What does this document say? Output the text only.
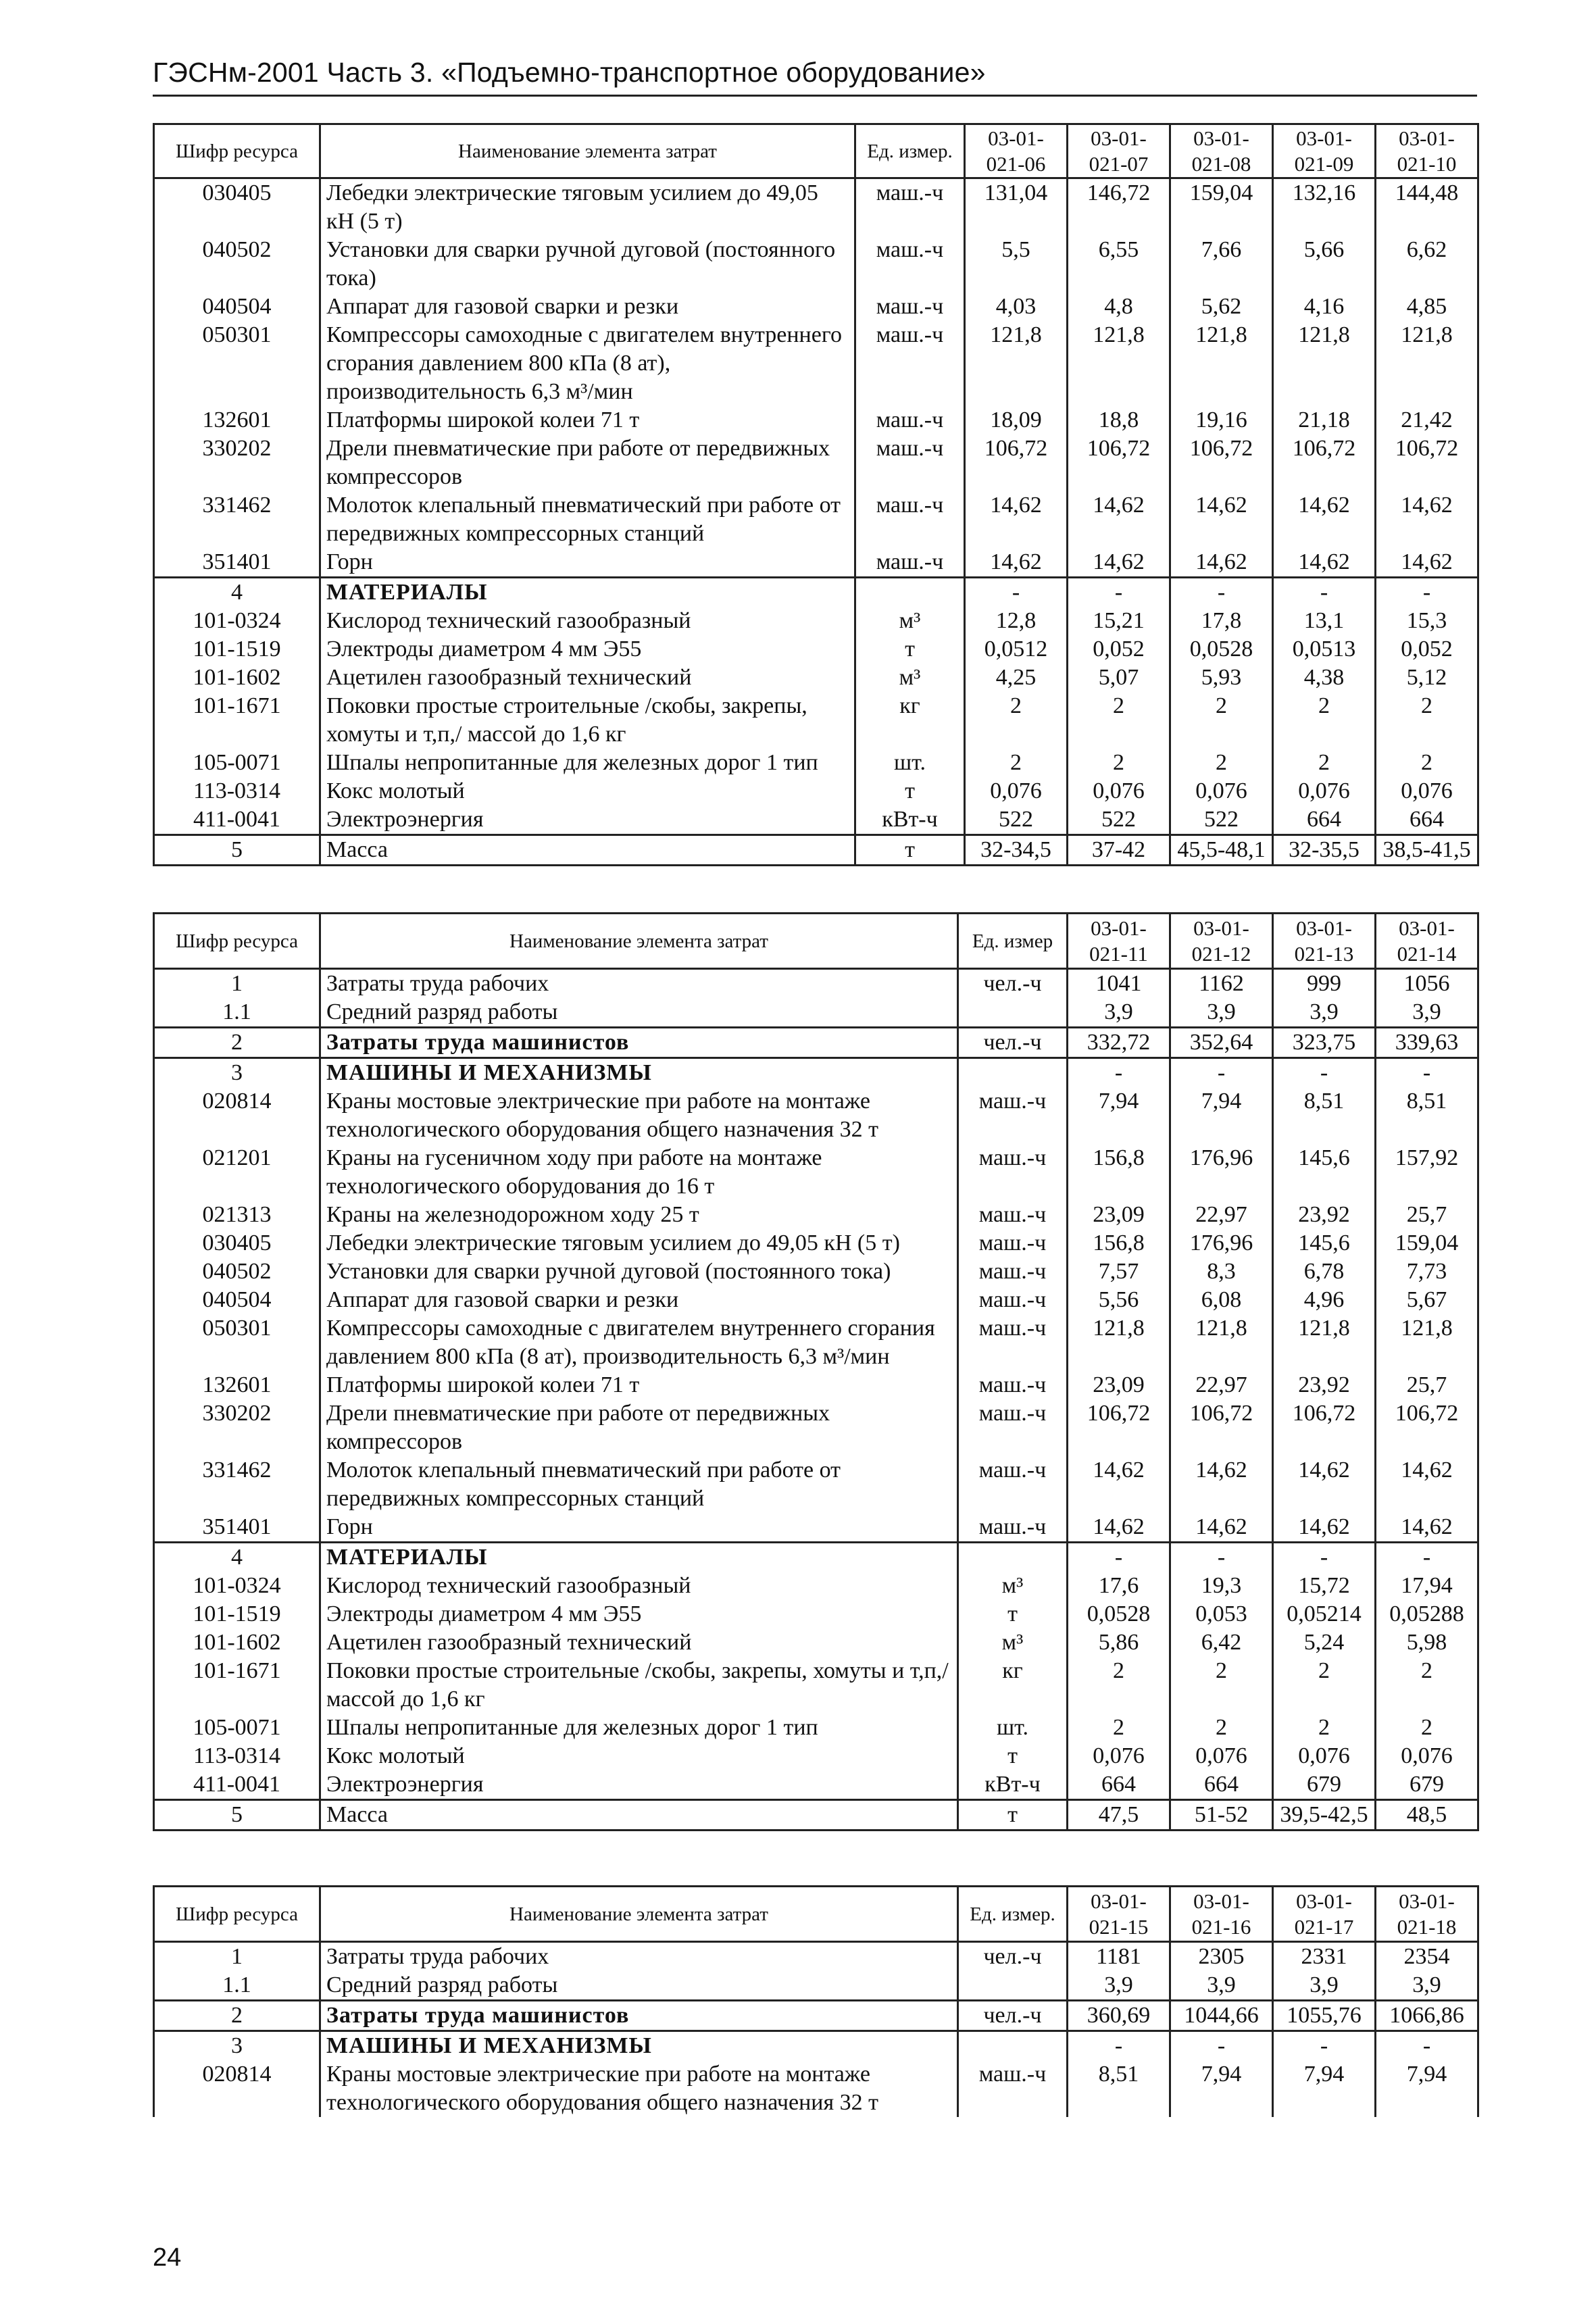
ГЭСНм-2001 Часть 3. «Подъемно-транспортное оборудование»
Шифр ресурса	Наименование элемента затрат	Ед. измер.	03-01-021-06	03-01-021-07	03-01-021-08	03-01-021-09	03-01-021-10
030405	Лебедки электрические тяговым усилием до 49,05 кН (5 т)	маш.-ч	131,04	146,72	159,04	132,16	144,48
040502	Установки для сварки ручной дуговой (постоянного тока)	маш.-ч	5,5	6,55	7,66	5,66	6,62
040504	Аппарат для газовой сварки и резки	маш.-ч	4,03	4,8	5,62	4,16	4,85
050301	Компрессоры самоходные с двигателем внутреннего сгорания давлением 800 кПа (8 ат), производительность 6,3 м³/мин	маш.-ч	121,8	121,8	121,8	121,8	121,8
132601	Платформы широкой колеи 71 т	маш.-ч	18,09	18,8	19,16	21,18	21,42
330202	Дрели пневматические при работе от передвижных компрессоров	маш.-ч	106,72	106,72	106,72	106,72	106,72
331462	Молоток клепальный пневматический при работе от передвижных компрессорных станций	маш.-ч	14,62	14,62	14,62	14,62	14,62
351401	Горн	маш.-ч	14,62	14,62	14,62	14,62	14,62
4	МАТЕРИАЛЫ		-	-	-	-	-
101-0324	Кислород технический газообразный	м³	12,8	15,21	17,8	13,1	15,3
101-1519	Электроды диаметром 4 мм Э55	т	0,0512	0,052	0,0528	0,0513	0,052
101-1602	Ацетилен газообразный технический	м³	4,25	5,07	5,93	4,38	5,12
101-1671	Поковки простые строительные /скобы, закрепы, хомуты и т,п,/ массой до 1,6 кг	кг	2	2	2	2	2
105-0071	Шпалы непропитанные для железных дорог 1 тип	шт.	2	2	2	2	2
113-0314	Кокс молотый	т	0,076	0,076	0,076	0,076	0,076
411-0041	Электроэнергия	кВт-ч	522	522	522	664	664
5	Масса	т	32-34,5	37-42	45,5-48,1	32-35,5	38,5-41,5
Шифр ресурса	Наименование элемента затрат	Ед. измер	03-01-021-11	03-01-021-12	03-01-021-13	03-01-021-14
1	Затраты труда рабочих	чел.-ч	1041	1162	999	1056
1.1	Средний разряд работы		3,9	3,9	3,9	3,9
2	Затраты труда машинистов	чел.-ч	332,72	352,64	323,75	339,63
3	МАШИНЫ И МЕХАНИЗМЫ		-	-	-	-
020814	Краны мостовые электрические при работе на монтаже технологического оборудования общего назначения 32 т	маш.-ч	7,94	7,94	8,51	8,51
021201	Краны на гусеничном ходу при работе на монтаже технологического оборудования до 16 т	маш.-ч	156,8	176,96	145,6	157,92
021313	Краны на железнодорожном ходу 25 т	маш.-ч	23,09	22,97	23,92	25,7
030405	Лебедки электрические тяговым усилием до 49,05 кН (5 т)	маш.-ч	156,8	176,96	145,6	159,04
040502	Установки для сварки ручной дуговой (постоянного тока)	маш.-ч	7,57	8,3	6,78	7,73
040504	Аппарат для газовой сварки и резки	маш.-ч	5,56	6,08	4,96	5,67
050301	Компрессоры самоходные с двигателем внутреннего сгорания давлением 800 кПа (8 ат), производительность 6,3 м³/мин	маш.-ч	121,8	121,8	121,8	121,8
132601	Платформы широкой колеи 71 т	маш.-ч	23,09	22,97	23,92	25,7
330202	Дрели пневматические при работе от передвижных компрессоров	маш.-ч	106,72	106,72	106,72	106,72
331462	Молоток клепальный пневматический при работе от передвижных компрессорных станций	маш.-ч	14,62	14,62	14,62	14,62
351401	Горн	маш.-ч	14,62	14,62	14,62	14,62
4	МАТЕРИАЛЫ		-	-	-	-
101-0324	Кислород технический газообразный	м³	17,6	19,3	15,72	17,94
101-1519	Электроды диаметром 4 мм Э55	т	0,0528	0,053	0,05214	0,05288
101-1602	Ацетилен газообразный технический	м³	5,86	6,42	5,24	5,98
101-1671	Поковки простые строительные /скобы, закрепы, хомуты и т,п,/ массой до 1,6 кг	кг	2	2	2	2
105-0071	Шпалы непропитанные для железных дорог 1 тип	шт.	2	2	2	2
113-0314	Кокс молотый	т	0,076	0,076	0,076	0,076
411-0041	Электроэнергия	кВт-ч	664	664	679	679
5	Масса	т	47,5	51-52	39,5-42,5	48,5
Шифр ресурса	Наименование элемента затрат	Ед. измер.	03-01-021-15	03-01-021-16	03-01-021-17	03-01-021-18
1	Затраты труда рабочих	чел.-ч	1181	2305	2331	2354
1.1	Средний разряд работы		3,9	3,9	3,9	3,9
2	Затраты труда машинистов	чел.-ч	360,69	1044,66	1055,76	1066,86
3	МАШИНЫ И МЕХАНИЗМЫ		-	-	-	-
020814	Краны мостовые электрические при работе на монтаже технологического оборудования общего назначения 32 т	маш.-ч	8,51	7,94	7,94	7,94
24
